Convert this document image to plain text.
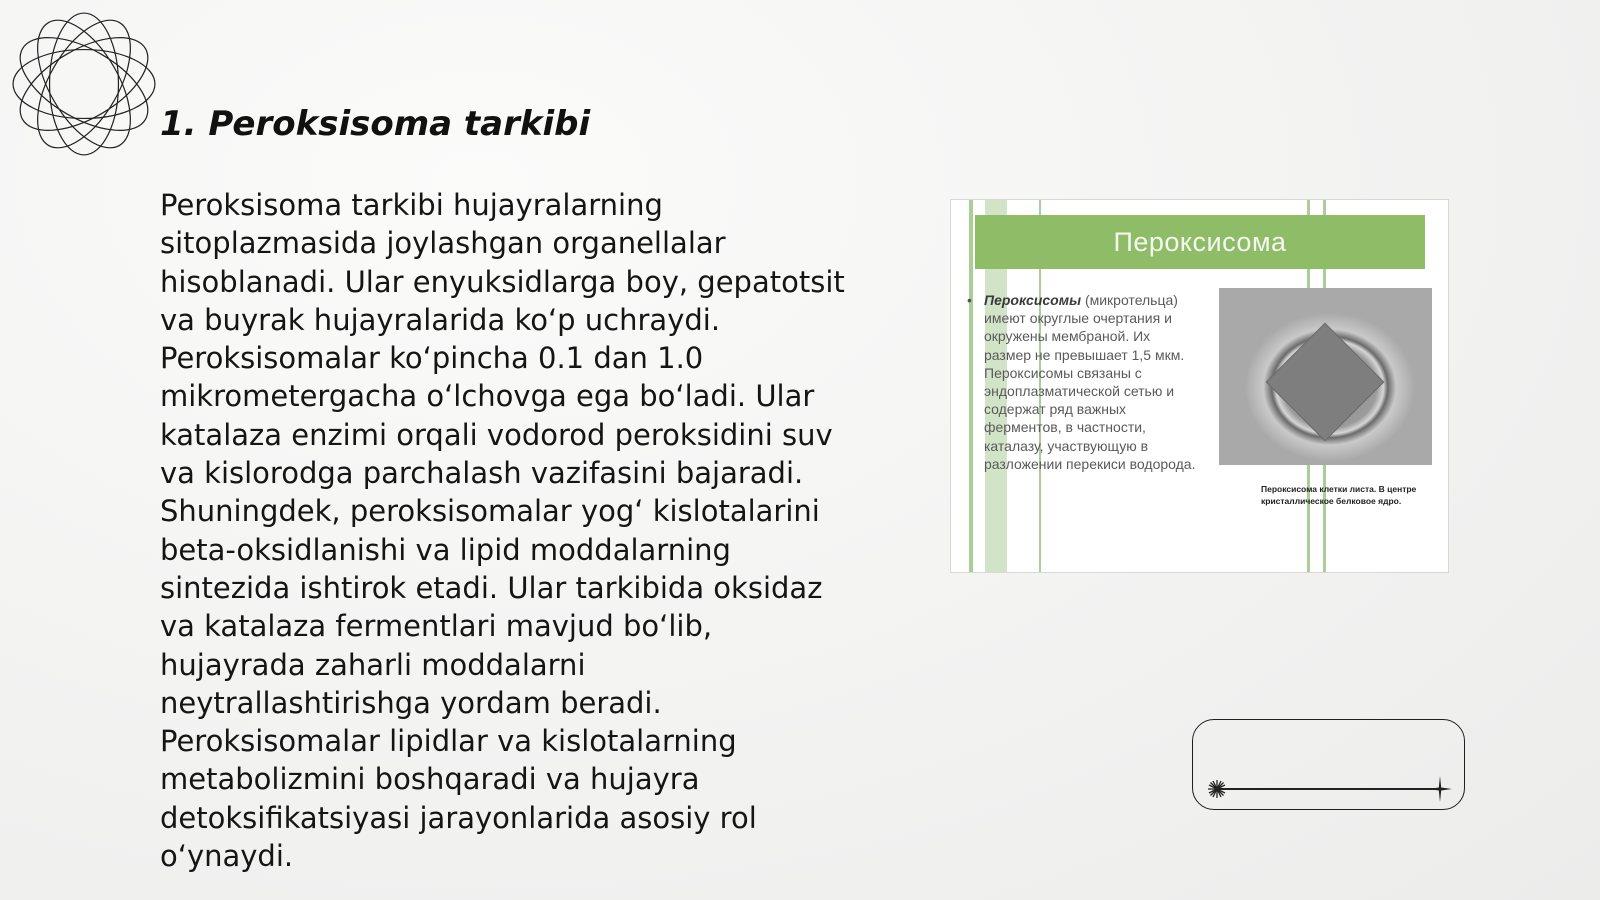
1. Peroksisoma tarkibi

Peroksisoma tarkibi hujayralarning sitoplazmasida joylashgan organellalar hisoblanadi. Ular enyuksidlarga boy, gepatotsit va buyrak hujayralarida ko‘p uchraydi. Peroksisomalar ko‘pincha 0.1 dan 1.0 mikrometergacha o‘lchovga ega bo‘ladi. Ular katalaza enzimi orqali vodorod peroksidini suv va kislorodga parchalash vazifasini bajaradi. Shuningdek, peroksisomalar yog‘ kislotalarini beta-oksidlanishi va lipid moddalarning sintezida ishtirok etadi. Ular tarkibida oksidaz va katalaza fermentlari mavjud bo‘lib, hujayrada zaharli moddalarni neytrallashtirishga yordam beradi. Peroksisomalar lipidlar va kislotalarning metabolizmini boshqaradi va hujayra detoksifikatsiyasi jarayonlarida asosiy rol o‘ynaydi.

Пероксисома
• Пероксисомы (микротельца) имеют округлые очертания и окружены мембраной. Их размер не превышает 1,5 мкм. Пероксисомы связаны с эндоплазматической сетью и содержат ряд важных ферментов, в частности, каталазу, участвующую в разложении перекиси водорода.
Пероксисома клетки листа. В центре кристаллическое белковое ядро.
